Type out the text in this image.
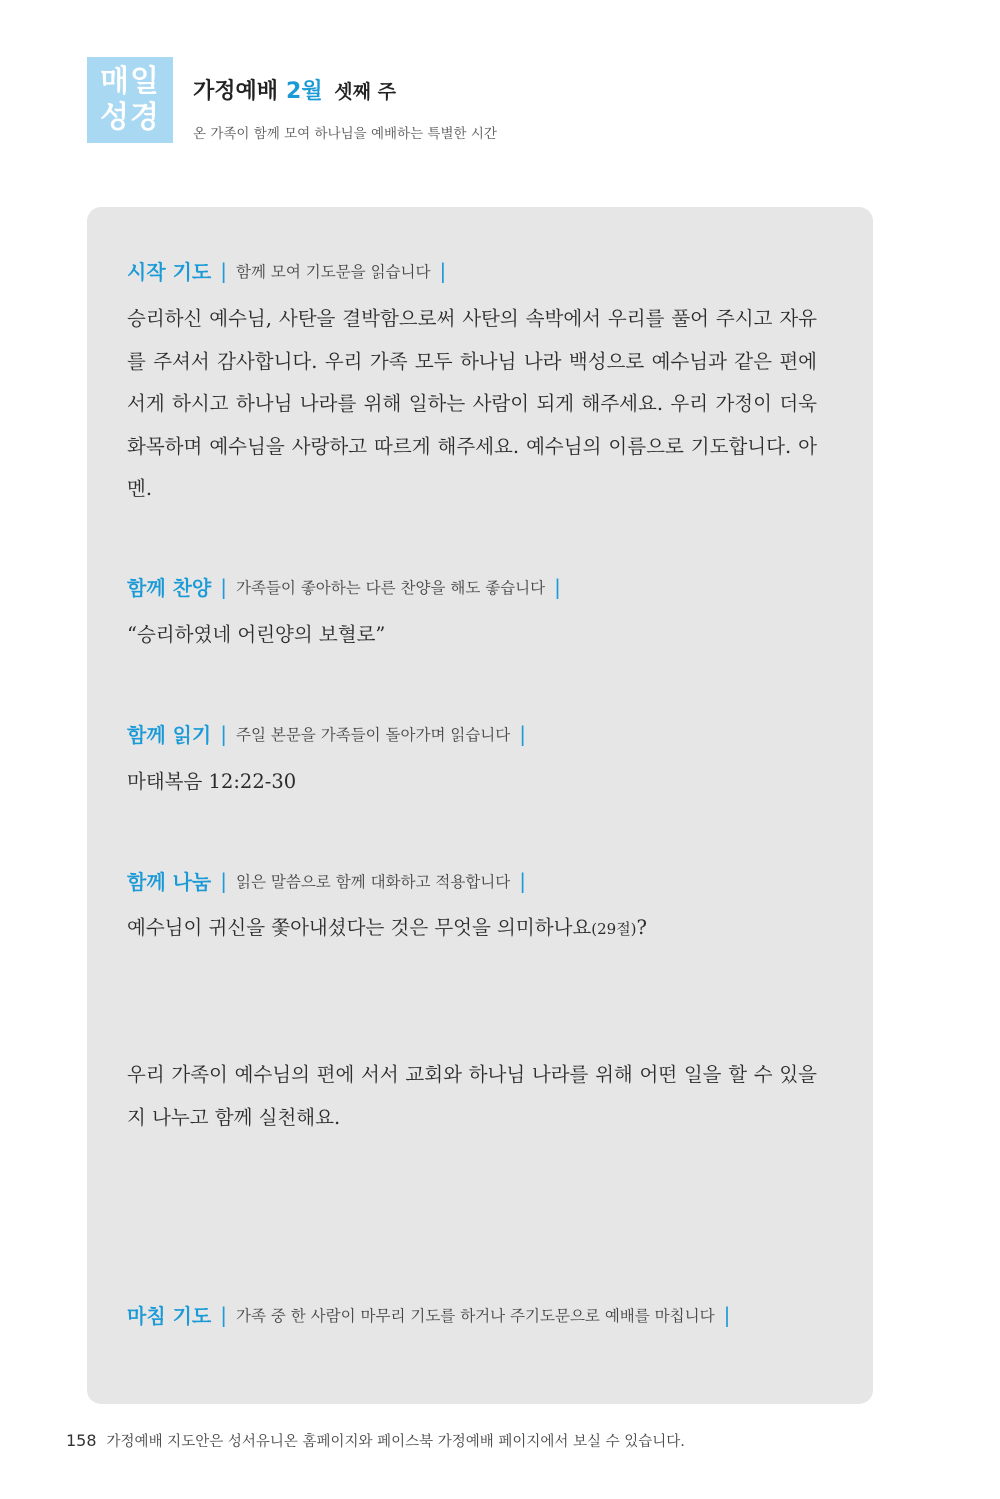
매일
성경
가정예배 2월 셋째 주
온 가족이 함께 모여 하나님을 예배하는 특별한 시간
시작 기도 | 함께 모여 기도문을 읽습니다 |
승리하신 예수님, 사탄을 결박함으로써 사탄의 속박에서 우리를 풀어 주시고 자유를 주셔서 감사합니다. 우리 가족 모두 하나님 나라 백성으로 예수님과 같은 편에 서게 하시고 하나님 나라를 위해 일하는 사람이 되게 해주세요. 우리 가정이 더욱 화목하며 예수님을 사랑하고 따르게 해주세요. 예수님의 이름으로 기도합니다. 아멘.
함께 찬양 | 가족들이 좋아하는 다른 찬양을 해도 좋습니다 |
“승리하였네 어린양의 보혈로”
함께 읽기 | 주일 본문을 가족들이 돌아가며 읽습니다 |
마태복음 12:22-30
함께 나눔 | 읽은 말씀으로 함께 대화하고 적용합니다 |
예수님이 귀신을 쫓아내셨다는 것은 무엇을 의미하나요(29절)?
우리 가족이 예수님의 편에 서서 교회와 하나님 나라를 위해 어떤 일을 할 수 있을지 나누고 함께 실천해요.
마침 기도 | 가족 중 한 사람이 마무리 기도를 하거나 주기도문으로 예배를 마칩니다 |
158 가정예배 지도안은 성서유니온 홈페이지와 페이스북 가정예배 페이지에서 보실 수 있습니다.
